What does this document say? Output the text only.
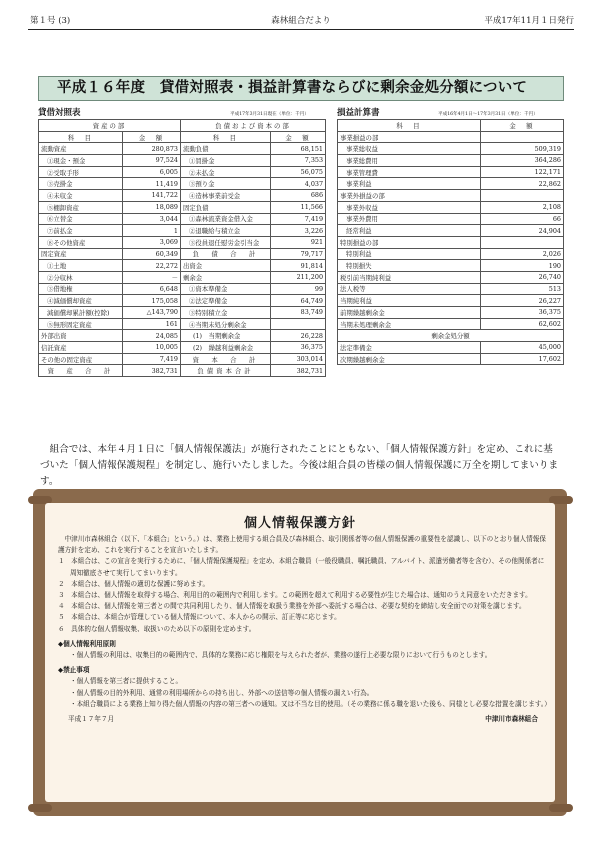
第１号 (3)	森林組合だより	平成17年11月１日発行
平成１６年度　貸借対照表・損益計算書ならびに剰余金処分額について
貸借対照表	平成17年3月31日現在（単位：千円）
資産の部		負債および資本の部	
科　目	金　額	科　目	金　額
流動資産	280,873	流動負債	68,151
①現金・預金	97,524	①買掛金	7,353
②受取手形	6,005	②未払金	56,075
③売掛金	11,419	③預り金	4,037
④未収金	141,722	④造林事業前受金	686
⑤棚卸資産	18,089	固定負債	11,566
⑥立替金	3,044	①森林流業資金借入金	7,419
⑦前払金	1	②退職給与積立金	3,226
⑧その他資産	3,069	③役員退任慰労金引当金	921
固定資産	60,349	負　債　合　計	79,717
①土地	22,272	出資金	91,814
②分収林	－	剰余金	211,200
③借地権	6,648	①資本準備金	99
④減価償却資産	175,058	②法定準備金	64,749
減価償却累計額(控除)	△143,790	③特別積立金	83,749
⑤無形固定資産	161	④当期未処分剰余金	
外部出資	24,085	(1)　当期剰余金	26,228
信託資産	10,005	(2)　繰越利益剰余金	36,375
その他の固定資産	7,419	資　本　合　計	303,014
資　産　合　計	382,731	負債資本合計	382,731
損益計算書	平成16年4月1日～17年3月31日（単位：千円）
科　目	金　額
事業損益の部	
事業総収益	509,319
事業総費用	364,286
事業管理費	122,171
事業利益	22,862
事業外損益の部	
事業外収益	2,108
事業外費用	66
経常利益	24,904
特別損益の部	
特別利益	2,026
特別損失	190
税引前当期純利益	26,740
法人税等	513
当期純利益	26,227
前期繰越剰余金	36,375
当期未処理剰余金	62,602
剰余金処分額	
法定準備金	45,000
次期繰越剰余金	17,602

組合では、本年４月１日に「個人情報保護法」が施行されたことにともない、「個人情報保護方針」を定め、これに基づいた「個人情報保護規程」を制定し、施行いたしました。今後は組合員の皆様の個人情報保護に万全を期してまいります。

個人情報保護方針
中津川市森林組合（以下、「本組合」という。）は、業務上使用する組合員及び森林組合、取引関係者等の個人情報保護の重要性を認識し、以下のとおり個人情報保護方針を定め、これを実行することを宣言いたします。
１　本組合は、この宣言を実行するために、「個人情報保護規程」を定め、本組合職員（一般役職員、嘱託職員、アルバイト、派遣労働者等を含む）、その他関係者に周知徹底させて実行してまいります。
２　本組合は、個人情報の適切な保護に努めます。
３　本組合は、個人情報を取得する場合、利用目的の範囲内で利用します。この範囲を超えて利用する必要性が生じた場合は、通知のうえ同意をいただきます。
４　本組合は、個人情報を第三者との間で共同利用したり、個人情報を取扱う業務を外部へ委託する場合は、必要な契約を締結し安全面での対策を講じます。
５　本組合は、本組合が管理している個人情報について、本人からの開示、訂正等に応じます。
６　具体的な個人情報収集、取扱いのため以下の原則を定めます。
◆個人情報利用原則
・個人情報の利用は、収集目的の範囲内で、具体的な業務に応じ権限を与えられた者が、業務の遂行上必要な限りにおいて行うものとします。
◆禁止事項
・個人情報を第三者に提供すること。
・個人情報の目的外利用、通常の利用場所からの持ち出し、外部への送信等の個人情報の漏えい行為。
・本組合職員による業務上知り得た個人情報の内容の第三者への通知。又は不当な目的使用。（その業務に係る職を退いた後も、同様とし必要な措置を講じます。）
平成１７年７月	中津川市森林組合
